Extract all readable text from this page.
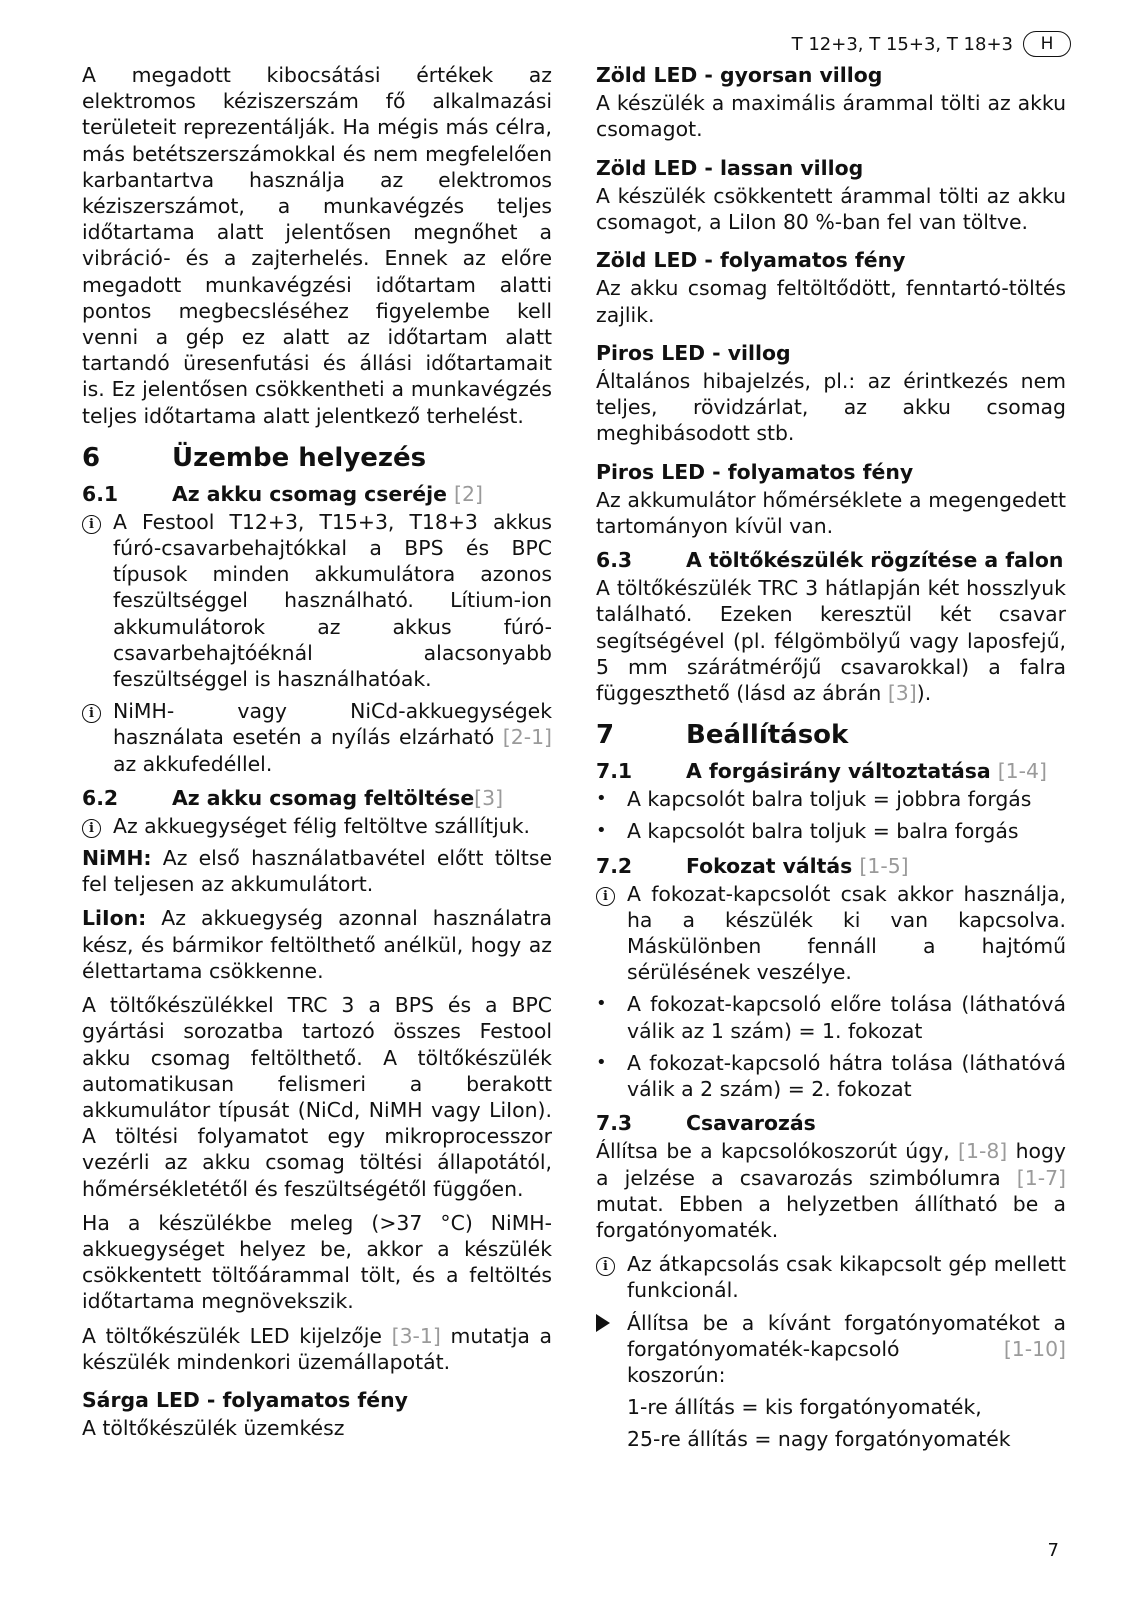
T 12+3, T 15+3, T 18+3	H

A megadott kibocsátási értékek az elektromos kéziszerszám fő alkalmazási területeit reprezentálják. Ha mégis más célra, más betétszerszámokkal és nem megfelelően karbantartva használja az elektromos kéziszerszámot, a munkavégzés teljes időtartama alatt jelentősen megnőhet a vibráció- és a zajterhelés. Ennek az előre megadott munkavégzési időtartam alatti pontos megbecsléséhez figyelembe kell venni a gép ez alatt az időtartam alatt tartandó üresenfutási és állási időtartamait is. Ez jelentősen csökkentheti a munkavégzés teljes időtartama alatt jelentkező terhelést.

6	Üzembe helyezés
6.1	Az akku csomag cseréje [2]
i A Festool T12+3, T15+3, T18+3 akkus fúró-csavarbehajtókkal a BPS és BPC típusok minden akkumulátora azonos feszültséggel használható. Lítium-ion akkumulátorok az akkus fúró-csavarbehajtóéknál alacsonyabb feszültséggel is használhatóak.
i NiMH- vagy NiCd-akkuegységek használata esetén a nyílás elzárható [2-1] az akkufedéllel.
6.2	Az akku csomag feltöltése[3]
i Az akkuegységet félig feltöltve szállítjuk.

NiMH: Az első használatbavétel előtt töltse fel teljesen az akkumulátort.

LiIon: Az akkuegység azonnal használatra kész, és bármikor feltölthető anélkül, hogy az élettartama csökkenne.

A töltőkészülékkel TRC 3 a BPS és a BPC gyártási sorozatba tartozó összes Festool akku csomag feltölthető. A töltőkészülék automatikusan felismeri a berakott akkumulátor típusát (NiCd, NiMH vagy LiIon). A töltési folyamatot egy mikroprocesszor vezérli az akku csomag töltési állapotától, hőmérsékletétől és feszültségétől függően.

Ha a készülékbe meleg (>37 °C) NiMH-akkuegységet helyez be, akkor a készülék csökkentett töltőárammal tölt, és a feltöltés időtartama megnövekszik.

A töltőkészülék LED kijelzője [3-1] mutatja a készülék mindenkori üzemállapotát.

Sárga LED - folyamatos fény

A töltőkészülék üzemkész

Zöld LED - gyorsan villog

A készülék a maximális árammal tölti az akku csomagot.

Zöld LED - lassan villog

A készülék csökkentett árammal tölti az akku csomagot, a LiIon 80 %-ban fel van töltve.

Zöld LED - folyamatos fény

Az akku csomag feltöltődött, fenntartó-töltés zajlik.

Piros LED - villog

Általános hibajelzés, pl.: az érintkezés nem teljes, rövidzárlat, az akku csomag meghibásodott stb.

Piros LED - folyamatos fény

Az akkumulátor hőmérséklete a megengedett tartományon kívül van.

6.3	A töltőkészülék rögzítése a falon

A töltőkészülék TRC 3 hátlapján két hosszlyuk található. Ezeken keresztül két csavar segítségével (pl. félgömbölyű vagy laposfejű, 5 mm szárátmérőjű csavarokkal) a falra függeszthető (lásd az ábrán [3]).

7	Beállítások
7.1	A forgásirány változtatása [1-4]
• A kapcsolót balra toljuk = jobbra forgás
• A kapcsolót balra toljuk = balra forgás
7.2	Fokozat váltás [1-5]
i A fokozat-kapcsolót csak akkor használja, ha a készülék ki van kapcsolva. Máskülönben fennáll a hajtómű sérülésének veszélye.
• A fokozat-kapcsoló előre tolása (láthatóvá válik az 1 szám) = 1. fokozat
• A fokozat-kapcsoló hátra tolása (láthatóvá válik a 2 szám) = 2. fokozat
7.3	Csavarozás

Állítsa be a kapcsolókoszorút úgy, [1-8] hogy a jelzése a csavarozás szimbólumra [1-7] mutat. Ebben a helyzetben állítható be a forgatónyomaték.

i Az átkapcsolás csak kikapcsolt gép mellett funkcionál.
Állítsa be a kívánt forgatónyomatékot a forgatónyomaték-kapcsoló	[1-10] koszorún:
1-re állítás = kis forgatónyomaték,
25-re állítás = nagy forgatónyomaték
7
